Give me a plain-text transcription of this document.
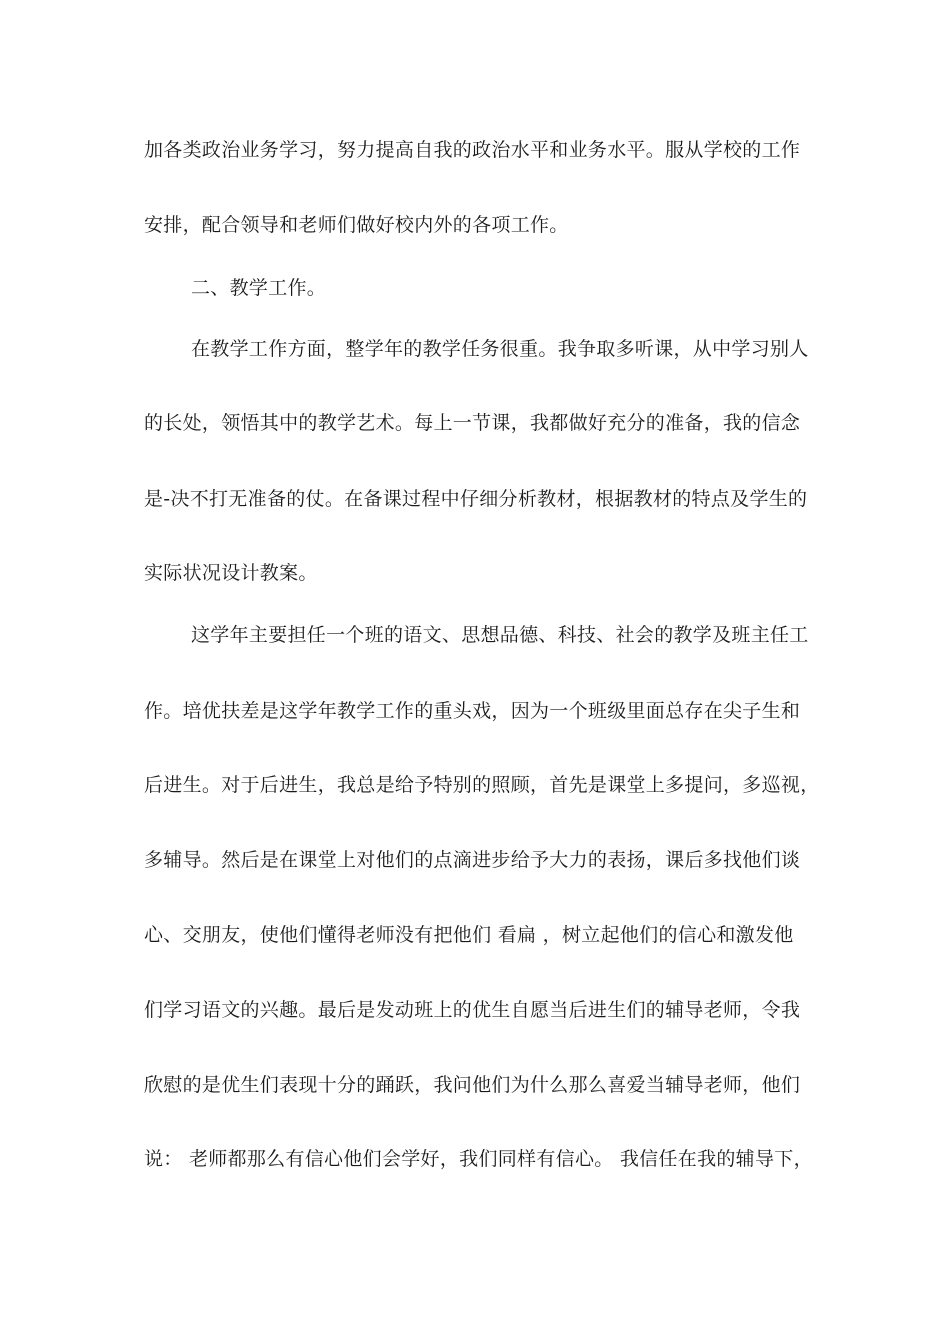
加各类政治业务学习，努力提高自我的政治水平和业务水平。服从学校的工作
安排，配合领导和老师们做好校内外的各项工作。
二、教学工作。
在教学工作方面，整学年的教学任务很重。我争取多听课，从中学习别人
的长处，领悟其中的教学艺术。每上一节课，我都做好充分的准备，我的信念
是-决不打无准备的仗。在备课过程中仔细分析教材，根据教材的特点及学生的
实际状况设计教案。
这学年主要担任一个班的语文、思想品德、科技、社会的教学及班主任工
作。培优扶差是这学年教学工作的重头戏，因为一个班级里面总存在尖子生和
后进生。对于后进生，我总是给予特别的照顾，首先是课堂上多提问，多巡视，
多辅导。然后是在课堂上对他们的点滴进步给予大力的表扬，课后多找他们谈
心、交朋友，使他们懂得老师没有把他们 看扁 ，树立起他们的信心和激发他
们学习语文的兴趣。最后是发动班上的优生自愿当后进生们的辅导老师，令我
欣慰的是优生们表现十分的踊跃，我问他们为什么那么喜爱当辅导老师，他们
说： 老师都那么有信心他们会学好，我们同样有信心。 我信任在我的辅导下，
